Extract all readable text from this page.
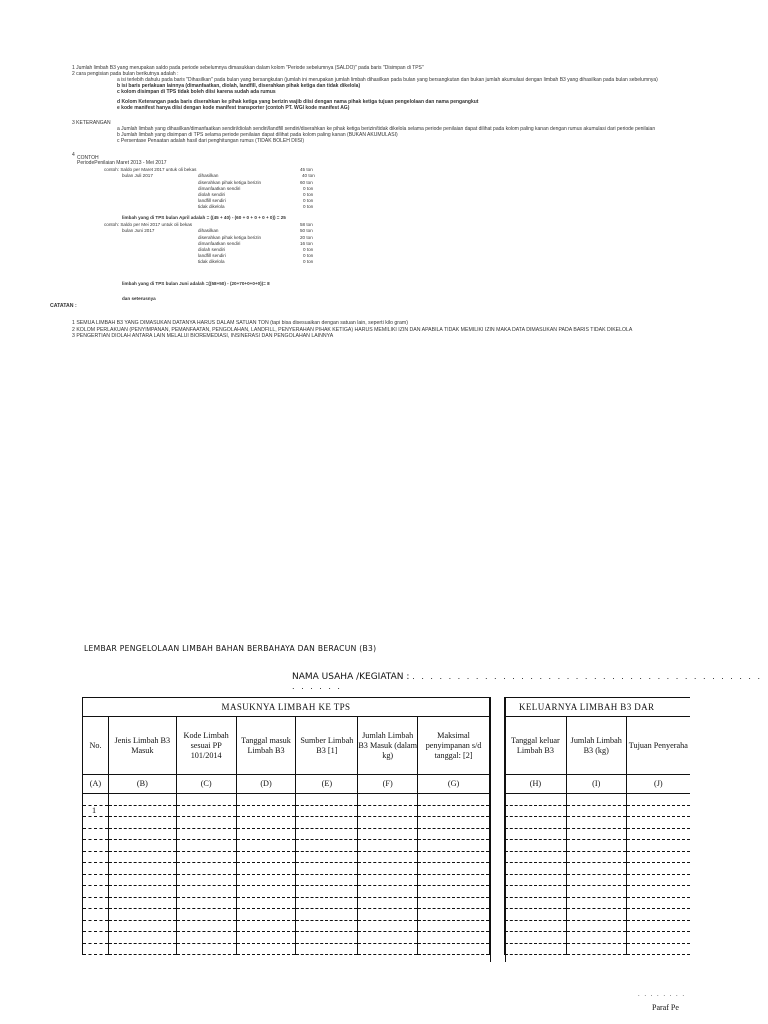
1 Jumlah limbah B3 yang merupakan saldo pada periode sebelumnya dimasukkan dalam kolom "Periode sebelumnya (SALDO)" pada baris "Disimpan di TPS"
2 cara pengisian pada bulan berikutnya adalah :
a isi terlebih dahulu pada baris "Dihasilkan" pada bulan yang bersangkutan (jumlah ini merupakan jumlah limbah dihasilkan pada bulan yang bersangkutan dan bukan jumlah akumulasi dengan limbah B3 yang dihasilkan pada bulan sebelumnya)
b isi baris perlakuan lainnya (dimanfaatkan, diolah, landfill, diserahkan pihak ketiga dan tidak dikelola)
c kolom disimpan di TPS tidak boleh diisi karena sudah ada rumus
d Kolom Keterangan pada baris diserahkan ke pihak ketiga yang berizin wajib diisi dengan nama pihak ketiga tujuan pengelolaan dan nama pengangkut
e kode manifest hanya diisi dengan kode manifest transporter (contoh PT. WGI kode manifest AG)
3 KETERANGAN
a Jumlah limbah yang dihasilkan/dimanfaatkan sendiri/diolah sendiri/landfill sendiri/diserahkan ke pihak ketiga berizin/tidak dikelola selama periode penilaian dapat dilihat pada kolom paling kanan dengan rumus akumulasi dari periode penilaian
b Jumlah limbah yang disimpan di TPS selama periode penilaian dapat dilihat pada kolom paling kanan (BUKAN AKUMULASI)
c Persentase Penaatan adalah hasil dari penghitungan rumus (TIDAK BOLEH DIISI)
4 CONTOH
PeriodePenilaian Maret 2013 - Mei 2017
contoh: Saldo per Maret 2017 untuk oli bekas	45 ton
bulan Juli 2017	dihasilkan	40 ton
diserahkan pihak ketiga berizin	60 ton
dimanfaatkan sendiri	0 ton
diolah sendiri	0 ton
landfill sendiri	0 ton
tidak dikelola	0 ton
limbah yang di TPS bulan April adalah = ((45 + 40) - (60 + 0 + 0 + 0 + 0)) = 25
contoh: Saldo per Mei 2017 untuk oli bekas	58 ton
bulan Juni 2017	dihasilkan	50 ton
diserahkan pihak ketiga berizin	20 ton
dimanfaatkan sendiri	16 ton
diolah sendiri	0 ton
landfill sendiri	0 ton
tidak dikelola	0 ton
limbah yang di TPS bulan Juni adalah =((58+50) - (20+70+0+0+0))= 8
dan seterusnya
CATATAN :
1 SEMUA LIMBAH B3 YANG DIMASUKAN DATANYA HARUS DALAM SATUAN TON (tapi bisa disesuaikan dengan satuan lain, seperti kilo gram)
2 KOLOM PERLAKUAN (PENYIMPANAN, PEMANFAATAN, PENGOLAHAN, LANDFILL, PENYERAHAN PIHAK KETIGA) HARUS MEMILIKI IZIN DAN APABILA TIDAK MEMILIKI IZIN MAKA DATA DIMASUKAN PADA BARIS TIDAK DIKELOLA
3 PENGERTIAN DIOLAH ANTARA LAIN MELALUI BIOREMEDIASI, INSINERASI DAN PENGOLAHAN LAINNYA
LEMBAR PENGELOLAAN LIMBAH BAHAN BERBAHAYA DAN BERACUN (B3)
NAMA USAHA /KEGIATAN : . . . . . . . . . . . . . . . . . . . . . . . . . . . . . . . . . . . . . . . . . . . . .
MASUKNYA LIMBAH KE TPS						
No.	Jenis Limbah B3 Masuk	Kode Limbah sesuai PP 101/2014	Tanggal masuk Limbah B3	Sumber Limbah B3 [1]	Jumlah Limbah B3 Masuk (dalam kg)	Maksimal penyimpanan s/d tanggal: [2]
(A)	(B)	(C)	(D)	(E)	(F)	(G)

1						

KELUARNYA LIMBAH B3 DAR		
Tanggal keluar Limbah B3	Jumlah Limbah B3 (kg)	Tujuan Penyeraha
(H)	(I)	(J)

. . . . . . . .
Paraf Pe
